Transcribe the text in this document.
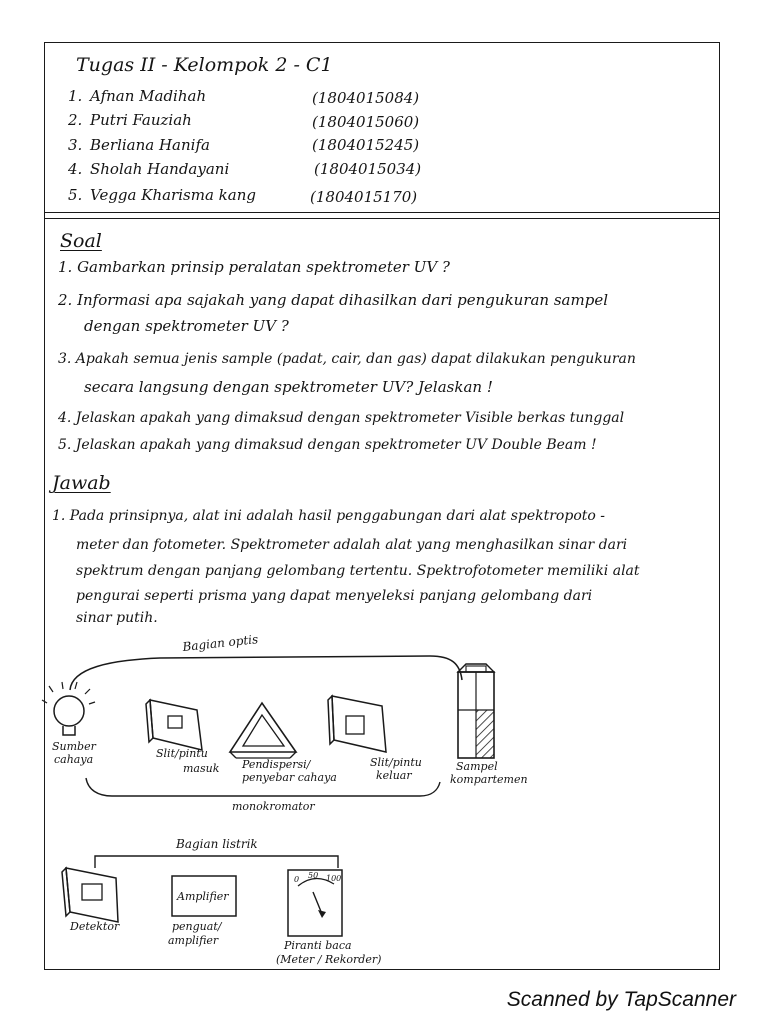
Tugas II - Kelompok 2 - C1
1. Afnan Madihah	(1804015084)
2. Putri Fauziah	(1804015060)
3. Berliana Hanifa	(1804015245)
4. Sholah Handayani	(1804015034)
5. Vegga Kharisma kang	(1804015170)
Soal
1. Gambarkan prinsip peralatan spektrometer UV ?
2. Informasi apa sajakah yang dapat dihasilkan dari pengukuran sampel
dengan spektrometer UV ?
3. Apakah semua jenis sample (padat, cair, dan gas) dapat dilakukan pengukuran
secara langsung dengan spektrometer UV? Jelaskan !
4. Jelaskan apakah yang dimaksud dengan spektrometer Visible berkas tunggal
5. Jelaskan apakah yang dimaksud dengan spektrometer UV Double Beam !
Jawab
1. Pada prinsipnya, alat ini adalah hasil penggabungan dari alat spektropoto -
meter dan fotometer. Spektrometer adalah alat yang menghasilkan sinar dari
spektrum dengan panjang gelombang tertentu. Spektrofotometer memiliki alat
pengurai seperti prisma yang dapat menyeleksi panjang gelombang dari
sinar putih.
Bagian optis
Sumber
cahaya	Slit/pintu
masuk Pendispersi/
penyebar cahaya
Slit/pintu
keluar
Sampel
kompartemen
monokromator
Bagian listrik
Detektor
Amplifier
penguat/
amplifier
0 50 100
Piranti baca
(Meter / Rekorder)
Scanned by TapScanner
